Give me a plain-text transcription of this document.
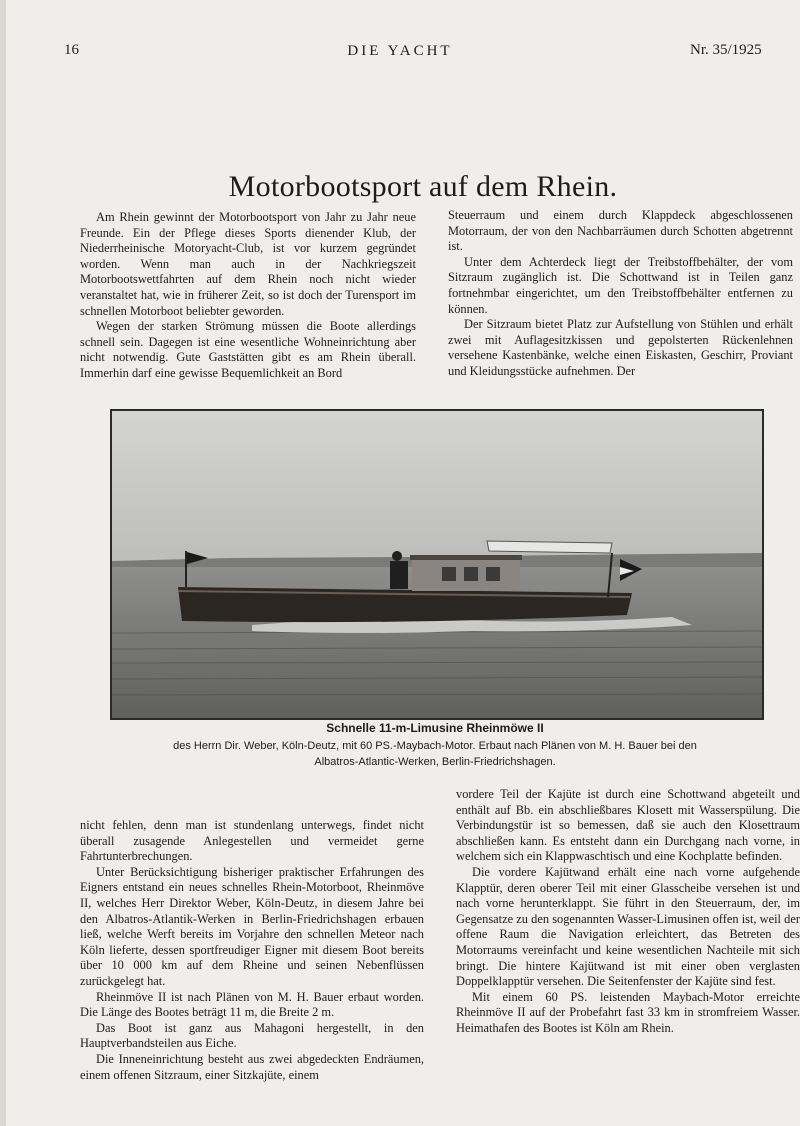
16	DIE YACHT	Nr. 35/1925
Motorbootsport auf dem Rhein.

Am Rhein gewinnt der Motorbootsport von Jahr zu Jahr neue Freunde. Ein der Pflege dieses Sports dienender Klub, der Niederrheinische Motoryacht-Club, ist vor kurzem gegründet worden. Wenn man auch in der Nachkriegszeit Motorbootswettfahrten auf dem Rhein noch nicht wieder veranstaltet hat, wie in früherer Zeit, so ist doch der Turensport im schnellen Motorboot beliebter geworden.

Wegen der starken Strömung müssen die Boote allerdings schnell sein. Dagegen ist eine wesentliche Wohneinrichtung aber nicht notwendig. Gute Gaststätten gibt es am Rhein überall. Immerhin darf eine gewisse Bequemlichkeit an Bord

Steuerraum und einem durch Klappdeck abgeschlossenen Motorraum, der von den Nachbarräumen durch Schotten abgetrennt ist.

Unter dem Achterdeck liegt der Treibstoffbehälter, der vom Sitzraum zugänglich ist. Die Schottwand ist in Teilen ganz fortnehmbar eingerichtet, um den Treibstoffbehälter entfernen zu können.

Der Sitzraum bietet Platz zur Aufstellung von Stühlen und erhält zwei mit Auflagesitzkissen und gepolsterten Rückenlehnen versehene Kastenbänke, welche einen Eiskasten, Geschirr, Proviant und Kleidungsstücke aufnehmen. Der

Schnelle 11-m-Limusine Rheinmöwe II
des Herrn Dir. Weber, Köln-Deutz, mit 60 PS.-Maybach-Motor. Erbaut nach Plänen von M. H. Bauer bei den
Albatros-Atlantic-Werken, Berlin-Friedrichshagen.

nicht fehlen, denn man ist stundenlang unterwegs, findet nicht überall zusagende Anlegestellen und vermeidet gerne Fahrtunterbrechungen.

Unter Berücksichtigung bisheriger praktischer Erfahrungen des Eigners entstand ein neues schnelles Rhein-Motorboot, Rheinmöve II, welches Herr Direktor Weber, Köln-Deutz, in diesem Jahre bei den Albatros-Atlantik-Werken in Berlin-Friedrichshagen erbauen ließ, welche Werft bereits im Vorjahre den schnellen Meteor nach Köln lieferte, dessen sportfreudiger Eigner mit diesem Boot bereits über 10 000 km auf dem Rheine und seinen Nebenflüssen zurückgelegt hat.

Rheinmöve II ist nach Plänen von M. H. Bauer erbaut worden. Die Länge des Bootes beträgt 11 m, die Breite 2 m.

Das Boot ist ganz aus Mahagoni hergestellt, in den Hauptverbandsteilen aus Eiche.

Die Inneneinrichtung besteht aus zwei abgedeckten Endräumen, einem offenen Sitzraum, einer Sitzkajüte, einem

vordere Teil der Kajüte ist durch eine Schottwand abgeteilt und enthält auf Bb. ein abschließbares Klosett mit Wasserspülung. Die Verbindungstür ist so bemessen, daß sie auch den Klosettraum abschließen kann. Es entsteht dann ein Durchgang nach vorne, in welchem sich ein Klappwaschtisch und eine Kochplatte befinden.

Die vordere Kajütwand erhält eine nach vorne aufgehende Klapptür, deren oberer Teil mit einer Glasscheibe versehen ist und nach vorne herunterklappt. Sie führt in den Steuerraum, der, im Gegensatze zu den sogenannten Wasser-Limusinen offen ist, weil der offene Raum die Navigation erleichtert, das Betreten des Motorraums vereinfacht und keine wesentlichen Nachteile mit sich bringt. Die hintere Kajütwand ist mit einer oben verglasten Doppelklapptür versehen. Die Seitenfenster der Kajüte sind fest.

Mit einem 60 PS. leistenden Maybach-Motor erreichte Rheinmöve II auf der Probefahrt fast 33 km in stromfreiem Wasser. Heimathafen des Bootes ist Köln am Rhein.
